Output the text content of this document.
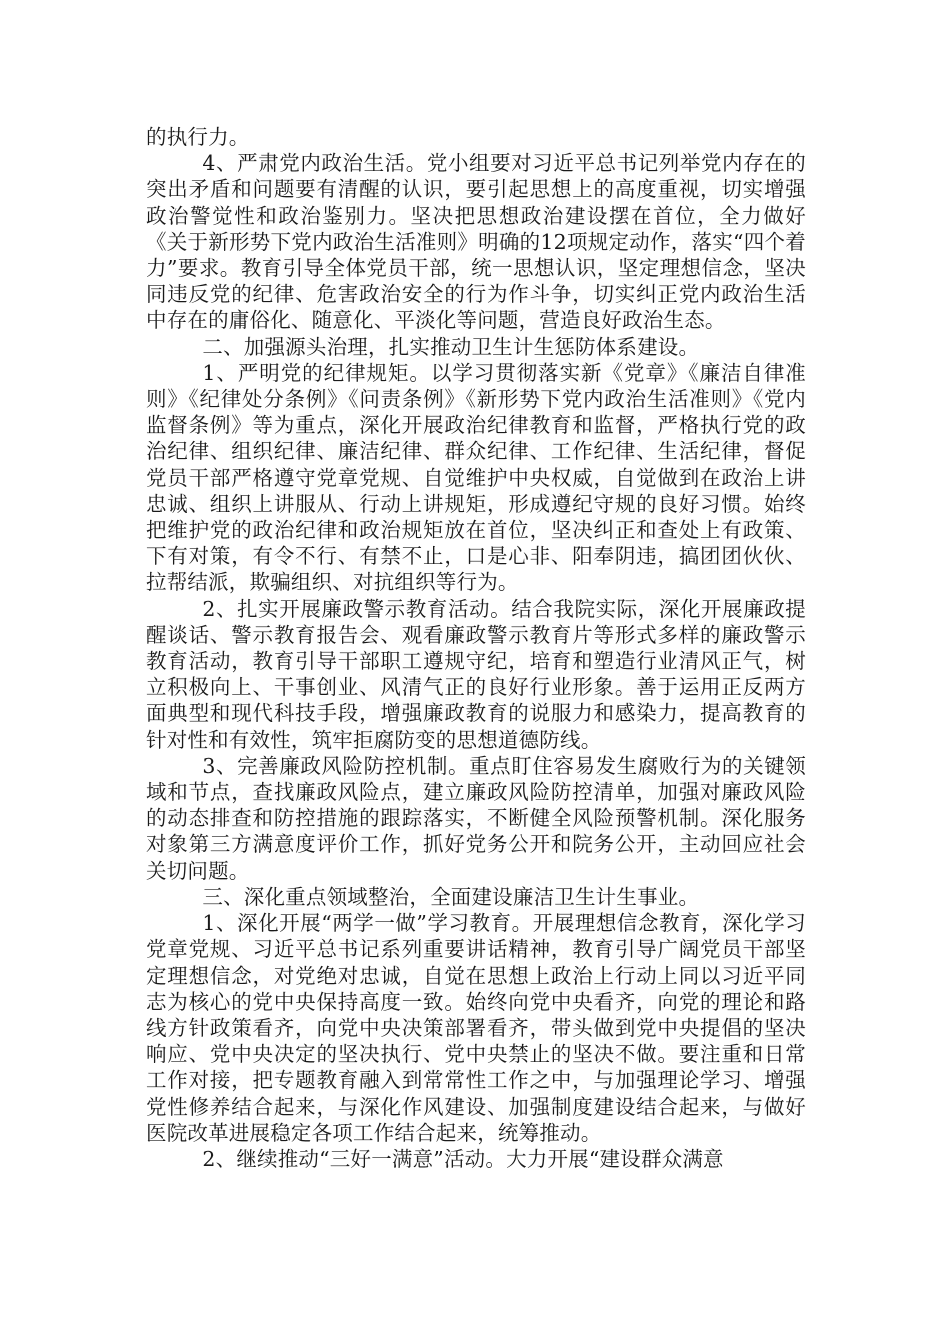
的执行力。

4、严肃党内政治生活。党小组要对习近平总书记列举党内存在的突出矛盾和问题要有清醒的认识，要引起思想上的高度重视，切实增强政治警觉性和政治鉴别力。坚决把思想政治建设摆在首位，全力做好《关于新形势下党内政治生活准则》明确的12项规定动作，落实“四个着力”要求。教育引导全体党员干部，统一思想认识，坚定理想信念，坚决同违反党的纪律、危害政治安全的行为作斗争，切实纠正党内政治生活中存在的庸俗化、随意化、平淡化等问题，营造良好政治生态。

二、加强源头治理，扎实推动卫生计生惩防体系建设。

1、严明党的纪律规矩。以学习贯彻落实新《党章》《廉洁自律准则》《纪律处分条例》《问责条例》《新形势下党内政治生活准则》《党内监督条例》等为重点，深化开展政治纪律教育和监督，严格执行党的政治纪律、组织纪律、廉洁纪律、群众纪律、工作纪律、生活纪律，督促党员干部严格遵守党章党规、自觉维护中央权威，自觉做到在政治上讲忠诚、组织上讲服从、行动上讲规矩，形成遵纪守规的良好习惯。始终把维护党的政治纪律和政治规矩放在首位，坚决纠正和查处上有政策、下有对策，有令不行、有禁不止，口是心非、阳奉阴违，搞团团伙伙、拉帮结派，欺骗组织、对抗组织等行为。

2、扎实开展廉政警示教育活动。结合我院实际，深化开展廉政提醒谈话、警示教育报告会、观看廉政警示教育片等形式多样的廉政警示教育活动，教育引导干部职工遵规守纪，培育和塑造行业清风正气，树立积极向上、干事创业、风清气正的良好行业形象。善于运用正反两方面典型和现代科技手段，增强廉政教育的说服力和感染力，提高教育的针对性和有效性，筑牢拒腐防变的思想道德防线。

3、完善廉政风险防控机制。重点盯住容易发生腐败行为的关键领域和节点，查找廉政风险点，建立廉政风险防控清单，加强对廉政风险的动态排查和防控措施的跟踪落实，不断健全风险预警机制。深化服务对象第三方满意度评价工作，抓好党务公开和院务公开，主动回应社会关切问题。

三、深化重点领域整治，全面建设廉洁卫生计生事业。

1、深化开展“两学一做”学习教育。开展理想信念教育，深化学习党章党规、习近平总书记系列重要讲话精神，教育引导广阔党员干部坚定理想信念，对党绝对忠诚，自觉在思想上政治上行动上同以习近平同志为核心的党中央保持高度一致。始终向党中央看齐，向党的理论和路线方针政策看齐，向党中央决策部署看齐，带头做到党中央提倡的坚决响应、党中央决定的坚决执行、党中央禁止的坚决不做。要注重和日常工作对接，把专题教育融入到常常性工作之中，与加强理论学习、增强党性修养结合起来，与深化作风建设、加强制度建设结合起来，与做好医院改革进展稳定各项工作结合起来，统筹推动。

2、继续推动“三好一满意”活动。大力开展“建设群众满意
